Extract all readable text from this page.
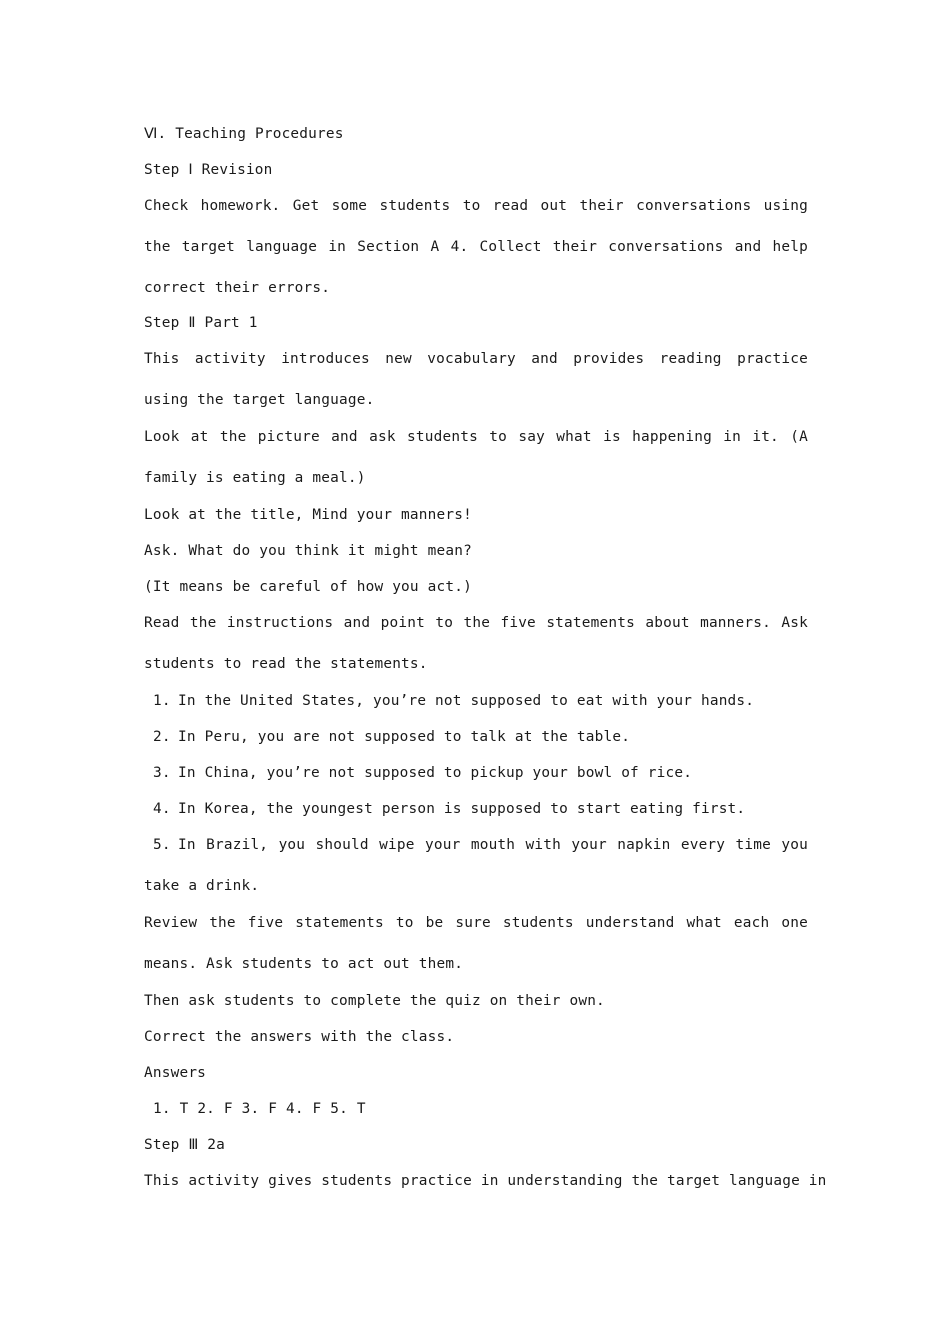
Ⅵ. Teaching Procedures
Step Ⅰ Revision
Check homework. Get some students to read out their conversations using the target language in Section A 4. Collect their conversations and help correct their errors.
Step Ⅱ Part 1
This activity introduces new vocabulary and provides reading practice using the target language.
Look at the picture and ask students to say what is happening in it. (A family is eating a meal.)
Look at the title, Mind your manners!
Ask. What do you think it might mean?
(It means be careful of how you act.)
Read the instructions and point to the five statements about manners. Ask students to read the statements.
1. In the United States, you’re not supposed to eat with your hands.
2. In Peru, you are not supposed to talk at the table.
3. In China, you’re not supposed to pickup your bowl of rice.
4. In Korea, the youngest person is supposed to start eating first.
5. In Brazil, you should wipe your mouth with your napkin every time you take a drink.
Review the five statements to be sure students understand what each one means. Ask students to act out them.
Then ask students to complete the quiz on their own.
Correct the answers with the class.
Answers
1. T 2. F 3. F 4. F 5. T
Step Ⅲ 2a
This activity gives students practice in understanding the target language in
